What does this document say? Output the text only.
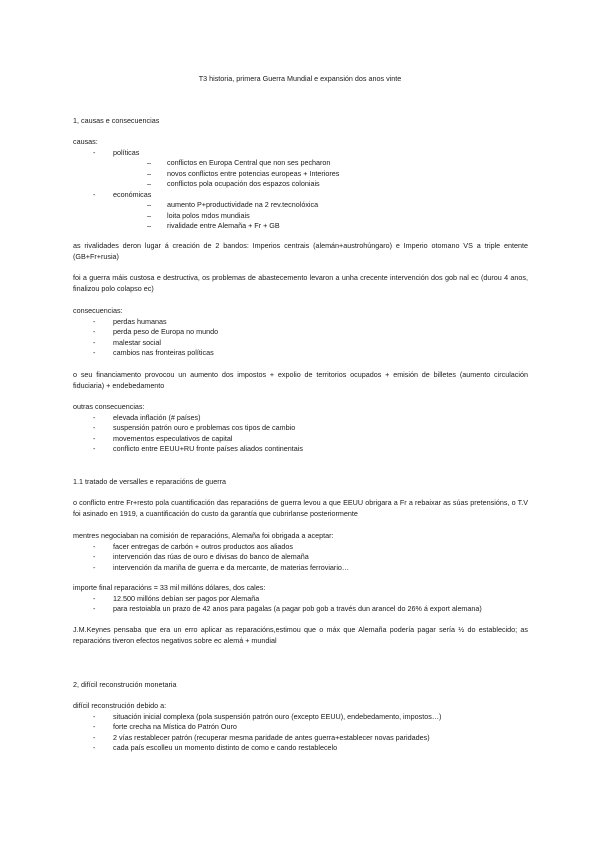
T3 historia, primera Guerra Mundial e expansión dos anos vinte
1, causas e consecuencias
causas:
- políticas
– conflictos en Europa Central que non ses pecharon
– novos conflictos entre potencias europeas + Interiores
– conflictos pola ocupación dos espazos coloniais
- económicas
– aumento P+productividade na 2 rev.tecnolóxica
– loita polos mdos mundiais
– rivalidade entre Alemaña + Fr + GB

as rivalidades deron lugar á creación de 2 bandos: Imperios centrais (alemán+austrohúngaro) e Imperio otomano VS a triple entente (GB+Fr+rusia)

foi a guerra máis custosa e destructiva, os problemas de abastecemento levaron a unha crecente intervención dos gob nal ec (durou 4 anos, finalizou polo colapso ec)

consecuencias:
- perdas humanas
- perda peso de Europa no mundo
- malestar social
- cambios nas fronteiras políticas

o seu financiamento provocou un aumento dos impostos + expolio de territorios ocupados + emisión de billetes (aumento circulación fiduciaria) + endebedamento

outras consecuencias:
- elevada inflación (# países)
- suspensión patrón ouro e problemas cos tipos de cambio
- movementos especulativos de capital
- conflicto entre EEUU+RU fronte países aliados continentais
1.1 tratado de versalles e reparacións de guerra

o conflicto entre Fr+resto pola cuantificación das reparacións de guerra levou a que EEUU obrigara a Fr a rebaixar as súas pretensións, o T.V foi asinado en 1919, a cuantificación do custo da garantía que cubrirlanse posteriormente

mentres negociaban na comisión de reparacións, Alemaña foi obrigada a aceptar:
- facer entregas de carbón + outros productos aos aliados
- intervención das rúas de ouro e divisas do banco de alemaña
- intervención da mariña de guerra e da mercante, de materias ferroviario…
importe final reparacións = 33 mil millóns dólares, dos cales:
- 12.500 millóns debían ser pagos por Alemaña
- para restoiabla un prazo de 42 anos para pagalas (a pagar pob gob a través dun arancel do 26% á export alemana)

J.M.Keynes pensaba que era un erro aplicar as reparacións,estimou que o máx que Alemaña podería pagar sería ½ do establecido; as reparacións tiveron efectos negativos sobre ec alemá + mundial

2, difícil reconstrución monetaria
difícil reconstrución debido a:
- situación inicial complexa (pola suspensión patrón ouro (excepto EEUU), endebedamento, impostos…)
- forte crecha na Mística do Patrón Ouro
- 2 vías restablecer patrón (recuperar mesma paridade de antes guerra+establecer novas paridades)
- cada país escolleu un momento distinto de como e cando restablecelo
